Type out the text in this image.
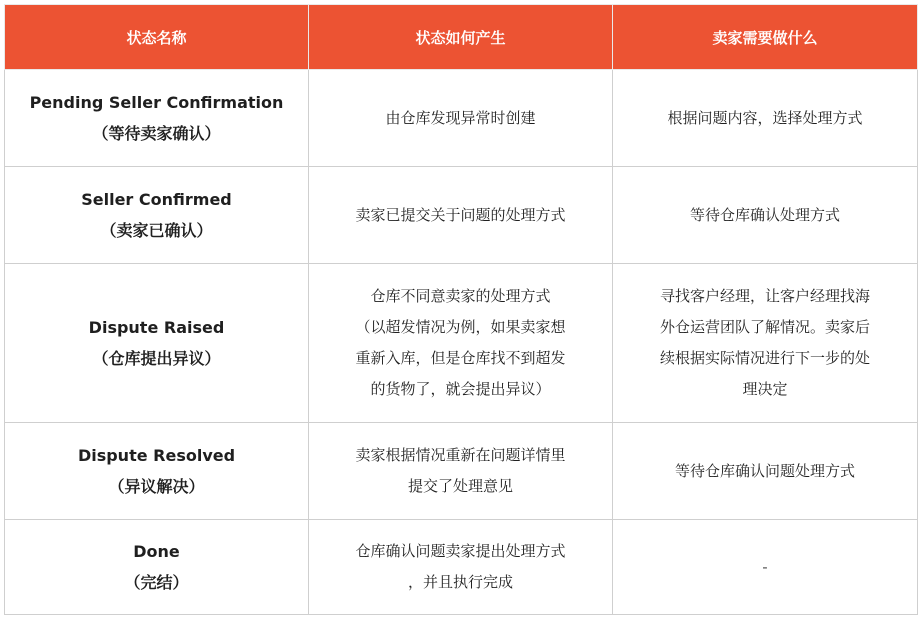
状态名称	状态如何产生	卖家需要做什么

Pending Seller Confirmation
（等待卖家确认）	由仓库发现异常时创建	根据问题内容，选择处理方式

Seller Confirmed
（卖家已确认）	卖家已提交关于问题的处理方式	等待仓库确认处理方式

Dispute Raised
（仓库提出异议）	仓库不同意卖家的处理方式
（以超发情况为例，如果卖家想
重新入库，但是仓库找不到超发
的货物了，就会提出异议）	寻找客户经理，让客户经理找海
外仓运营团队了解情况。卖家后
续根据实际情况进行下一步的处
理决定

Dispute Resolved
（异议解决）	卖家根据情况重新在问题详情里
提交了处理意见	等待仓库确认问题处理方式

Done
（完结）	仓库确认问题卖家提出处理方式
，并且执行完成	-
